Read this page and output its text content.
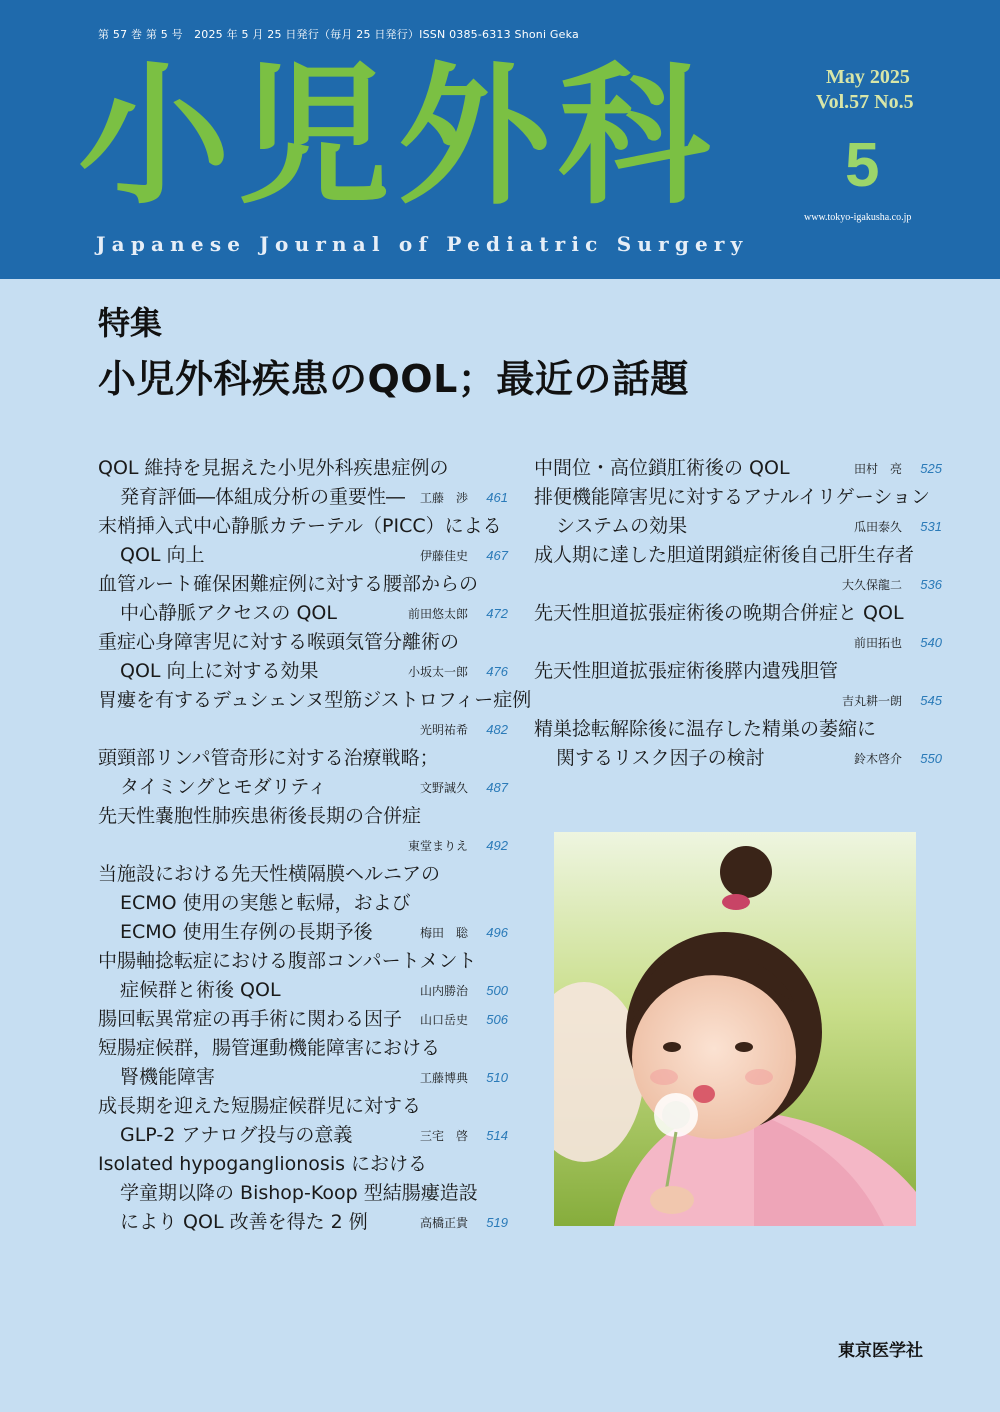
第 57 巻 第 5 号　2025 年 5 月 25 日発行（毎月 25 日発行）ISSN 0385-6313 Shoni Geka
小児外科
Japanese Journal of Pediatric Surgery
May 2025
Vol.57 No.5
5
www.tokyo-igakusha.co.jp
特集
小児外科疾患のQOL；最近の話題
QOL 維持を見据えた小児外科疾患症例の
発育評価―体組成分析の重要性― 工藤　渉 461
末梢挿入式中心静脈カテーテル（PICC）による
QOL 向上	伊藤佳史 467
血管ルート確保困難症例に対する腰部からの
中心静脈アクセスの QOL	前田悠太郎 472
重症心身障害児に対する喉頭気管分離術の
QOL 向上に対する効果	小坂太一郎 476
胃瘻を有するデュシェンヌ型筋ジストロフィー症例
光明祐希 482
頭頸部リンパ管奇形に対する治療戦略；
タイミングとモダリティ	文野誠久 487
先天性嚢胞性肺疾患術後長期の合併症
東堂まりえ 492
当施設における先天性横隔膜ヘルニアの
ECMO 使用の実態と転帰，および
ECMO 使用生存例の長期予後	梅田　聡 496
中腸軸捻転症における腹部コンパートメント
症候群と術後 QOL	山内勝治 500
腸回転異常症の再手術に関わる因子 山口岳史 506
短腸症候群，腸管運動機能障害における
腎機能障害	工藤博典 510
成長期を迎えた短腸症候群児に対する
GLP-2 アナログ投与の意義	三宅　啓 514
Isolated hypoganglionosis における
学童期以降の Bishop-Koop 型結腸瘻造設
により QOL 改善を得た 2 例	高橋正貴 519
中間位・高位鎖肛術後の QOL	田村　亮 525
排便機能障害児に対するアナルイリゲーション
システムの効果	瓜田泰久 531
成人期に達した胆道閉鎖症術後自己肝生存者
大久保龍二 536
先天性胆道拡張症術後の晩期合併症と QOL
前田拓也 540
先天性胆道拡張症術後膵内遺残胆管
吉丸耕一朗 545
精巣捻転解除後に温存した精巣の萎縮に
関するリスク因子の検討	鈴木啓介 550
東京医学社
